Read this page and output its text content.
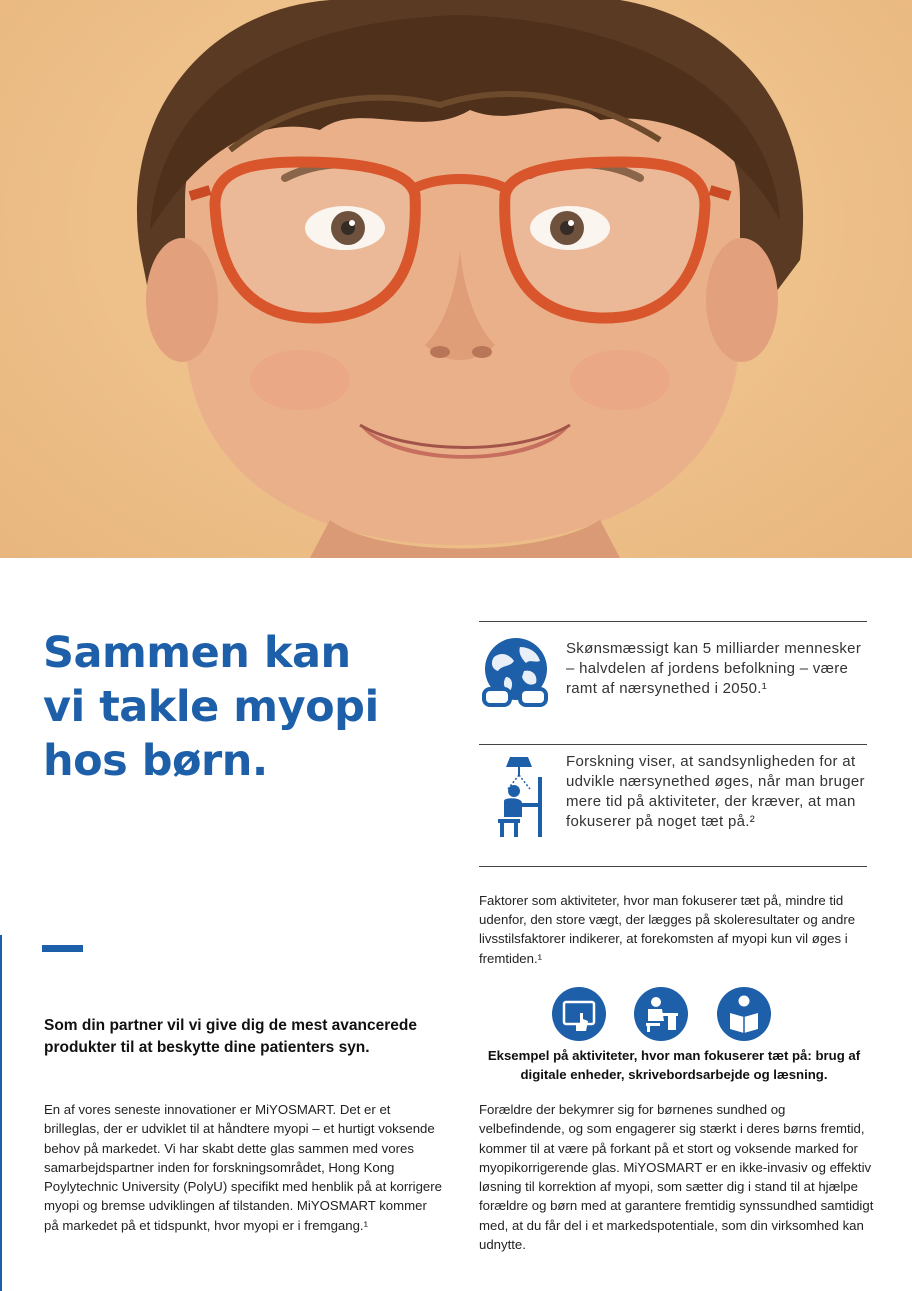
Sammen kan
vi takle myopi
hos børn.
Som din partner vil vi give dig de mest avancerede produkter til at beskytte dine patienters syn.
En af vores seneste innovationer er MiYOSMART. Det er et brilleglas, der er udviklet til at håndtere myopi – et hurtigt voksende behov på markedet. Vi har skabt dette glas sammen med vores samarbejdspartner inden for forskningsområdet, Hong Kong Poylytechnic University (PolyU) specifikt med henblik på at korrigere myopi og bremse udviklingen af tilstanden. MiYOSMART kommer på markedet på et tidspunkt, hvor myopi er i fremgang.¹
Skønsmæssigt kan 5 milliarder mennesker – halvdelen af jordens befolkning – være ramt af nærsynethed i 2050.¹
Forskning viser, at sandsynligheden for at udvikle nærsynethed øges, når man bruger mere tid på aktiviteter, der kræver, at man fokuserer på noget tæt på.²
Faktorer som aktiviteter, hvor man fokuserer tæt på, mindre tid udenfor, den store vægt, der lægges på skoleresultater og andre livsstilsfaktorer indikerer, at forekomsten af myopi kun vil øges i fremtiden.¹
Eksempel på aktiviteter, hvor man fokuserer tæt på: brug af digitale enheder, skrivebordsarbejde og læsning.
Forældre der bekymrer sig for børnenes sundhed og velbefindende, og som engagerer sig stærkt i deres børns fremtid, kommer til at være på forkant på et stort og voksende marked for myopikorrigerende glas. MiYOSMART er en ikke-invasiv og effektiv løsning til korrektion af myopi, som sætter dig i stand til at hjælpe forældre og børn med at garantere fremtidig synssundhed samtidigt med, at du får del i et markedspotentiale, som din virksomhed kan udnytte.
